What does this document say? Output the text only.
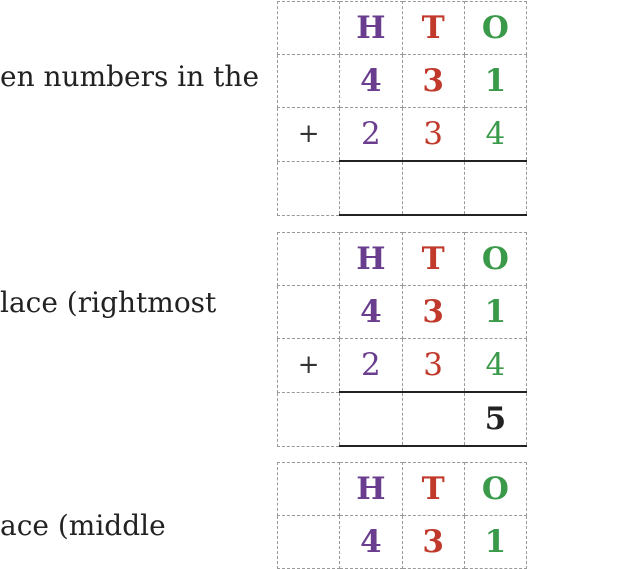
en numbers in the
	H	T	O
	4	3	1
+	2	3	4

lace (rightmost
	H	T	O
	4	3	1
+	2	3	4
			5
ace (middle
	H	T	O
	4	3	1
